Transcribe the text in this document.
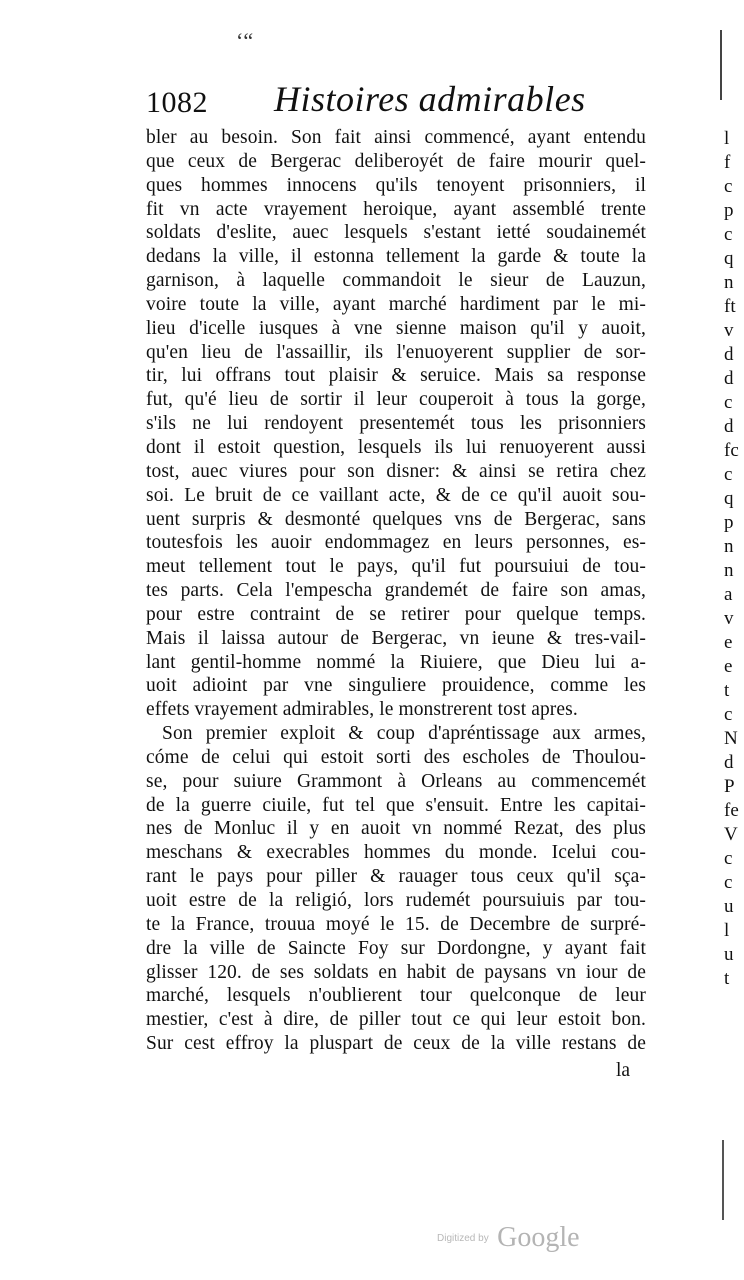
‘“
1082 Histoires admirables
bler au besoin. Son fait ainsi commencé, ayant entendu
que ceux de Bergerac deliberoyét de faire mourir quel-
ques hommes innocens qu'ils tenoyent prisonniers, il
fit vn acte vrayement heroique, ayant assemblé trente
soldats d'eslite, auec lesquels s'estant ietté soudainemét
dedans la ville, il estonna tellement la garde & toute la
garnison, à laquelle commandoit le sieur de Lauzun,
voire toute la ville, ayant marché hardiment par le mi-
lieu d'icelle iusques à vne sienne maison qu'il y auoit,
qu'en lieu de l'assaillir, ils l'enuoyerent supplier de sor-
tir, lui offrans tout plaisir & seruice. Mais sa response
fut, qu'é lieu de sortir il leur couperoit à tous la gorge,
s'ils ne lui rendoyent presentemét tous les prisonniers
dont il estoit question, lesquels ils lui renuoyerent aussi
tost, auec viures pour son disner: & ainsi se retira chez
soi. Le bruit de ce vaillant acte, & de ce qu'il auoit sou-
uent surpris & desmonté quelques vns de Bergerac, sans
toutesfois les auoir endommagez en leurs personnes, es-
meut tellement tout le pays, qu'il fut poursuiui de tou-
tes parts. Cela l'empescha grandemét de faire son amas,
pour estre contraint de se retirer pour quelque temps.
Mais il laissa autour de Bergerac, vn ieune & tres-vail-
lant gentil-homme nommé la Riuiere, que Dieu lui a-
uoit adioint par vne singuliere prouidence, comme les
effets vrayement admirables, le monstrerent tost apres.
Son premier exploit & coup d'apréntissage aux armes,
cóme de celui qui estoit sorti des escholes de Thoulou-
se, pour suiure Grammont à Orleans au commencemét
de la guerre ciuile, fut tel que s'ensuit. Entre les capitai-
nes de Monluc il y en auoit vn nommé Rezat, des plus
meschans & execrables hommes du monde. Icelui cou-
rant le pays pour piller & rauager tous ceux qu'il sça-
uoit estre de la religió, lors rudemét poursuiuis par tou-
te la France, trouua moyé le 15. de Decembre de surpré-
dre la ville de Saincte Foy sur Dordongne, y ayant fait
glisser 120. de ses soldats en habit de paysans vn iour de
marché, lesquels n'oublierent tour quelconque de leur
mestier, c'est à dire, de piller tout ce qui leur estoit bon.
Sur cest effroy la pluspart de ceux de la ville restans de
la
l
f
c
p
c
q
n
ft
v
d
d
c
d
fc
c
q
p
n
n
a
v
e
e
t
c
N
d
P
fe
V
c
c
u
l
u
t
Digitized by Google
